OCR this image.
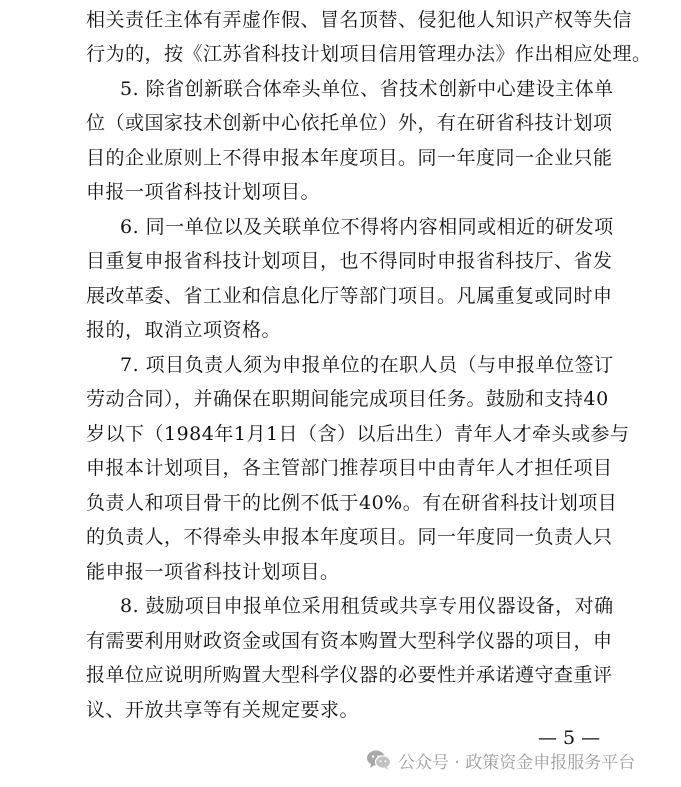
相关责任主体有弄虚作假、冒名顶替、侵犯他人知识产权等失信
行为的，按《江苏省科技计划项目信用管理办法》作出相应处理。
5. 除省创新联合体牵头单位、省技术创新中心建设主体单
位（或国家技术创新中心依托单位）外，有在研省科技计划项
目的企业原则上不得申报本年度项目。同一年度同一企业只能
申报一项省科技计划项目。
6. 同一单位以及关联单位不得将内容相同或相近的研发项
目重复申报省科技计划项目，也不得同时申报省科技厅、省发
展改革委、省工业和信息化厅等部门项目。凡属重复或同时申
报的，取消立项资格。
7. 项目负责人须为申报单位的在职人员（与申报单位签订
劳动合同），并确保在职期间能完成项目任务。鼓励和支持40
岁以下（1984年1月1日（含）以后出生）青年人才牵头或参与
申报本计划项目，各主管部门推荐项目中由青年人才担任项目
负责人和项目骨干的比例不低于40%。有在研省科技计划项目
的负责人，不得牵头申报本年度项目。同一年度同一负责人只
能申报一项省科技计划项目。
8. 鼓励项目申报单位采用租赁或共享专用仪器设备，对确
有需要利用财政资金或国有资本购置大型科学仪器的项目，申
报单位应说明所购置大型科学仪器的必要性并承诺遵守查重评
议、开放共享等有关规定要求。
— 5 —
公众号 · 政策资金申报服务平台
